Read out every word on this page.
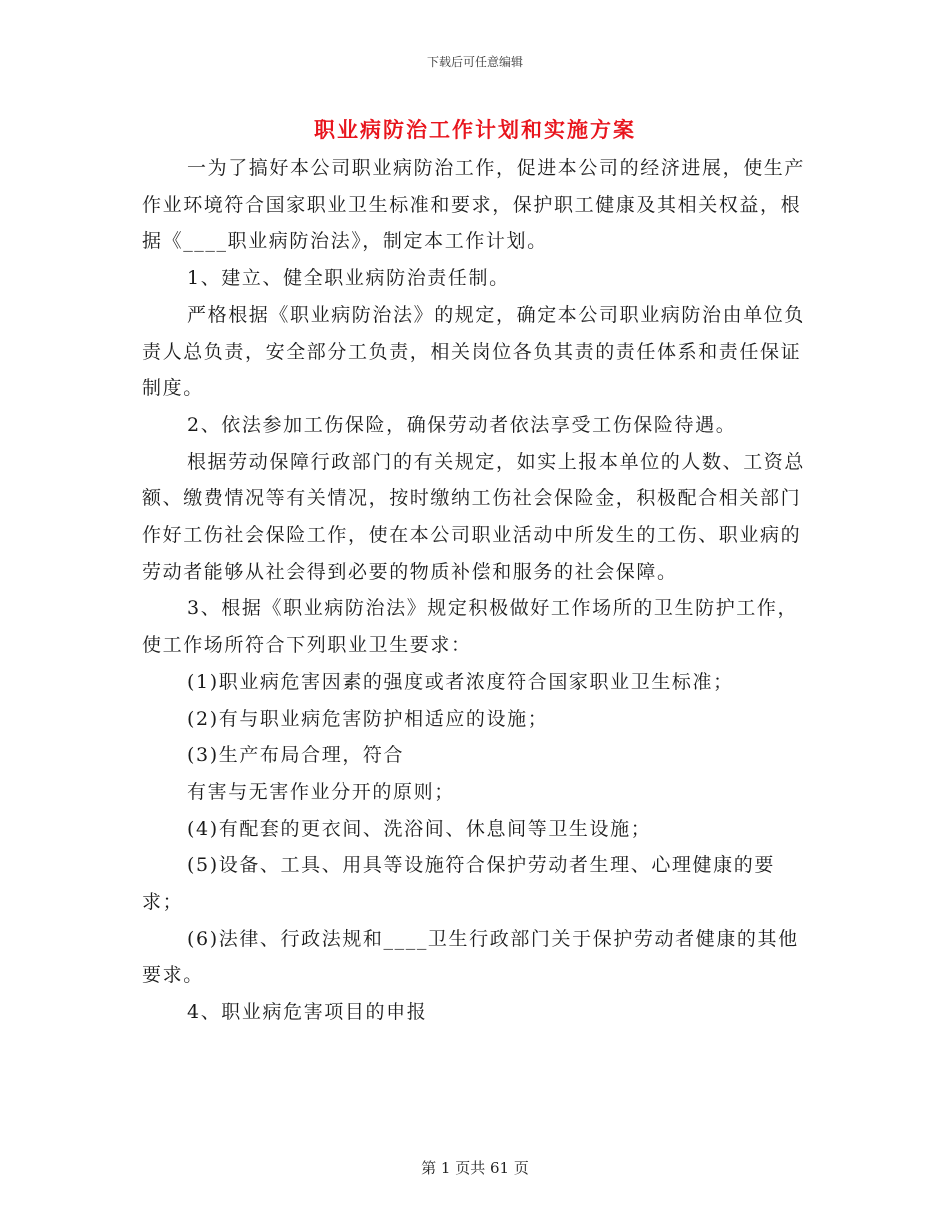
下载后可任意编辑

职业病防治工作计划和实施方案

一为了搞好本公司职业病防治工作，促进本公司的经济进展，使生产作业环境符合国家职业卫生标准和要求，保护职工健康及其相关权益，根据《____职业病防治法》，制定本工作计划。

1、建立、健全职业病防治责任制。

严格根据《职业病防治法》的规定，确定本公司职业病防治由单位负责人总负责，安全部分工负责，相关岗位各负其责的责任体系和责任保证制度。

2、依法参加工伤保险，确保劳动者依法享受工伤保险待遇。

根据劳动保障行政部门的有关规定，如实上报本单位的人数、工资总额、缴费情况等有关情况，按时缴纳工伤社会保险金，积极配合相关部门作好工伤社会保险工作，使在本公司职业活动中所发生的工伤、职业病的劳动者能够从社会得到必要的物质补偿和服务的社会保障。

3、根据《职业病防治法》规定积极做好工作场所的卫生防护工作，使工作场所符合下列职业卫生要求：

(1)职业病危害因素的强度或者浓度符合国家职业卫生标准；

(2)有与职业病危害防护相适应的设施；

(3)生产布局合理，符合

有害与无害作业分开的原则；

(4)有配套的更衣间、洗浴间、休息间等卫生设施；

(5)设备、工具、用具等设施符合保护劳动者生理、心理健康的要求；

(6)法律、行政法规和____卫生行政部门关于保护劳动者健康的其他要求。

4、职业病危害项目的申报

第 1 页共 61 页
